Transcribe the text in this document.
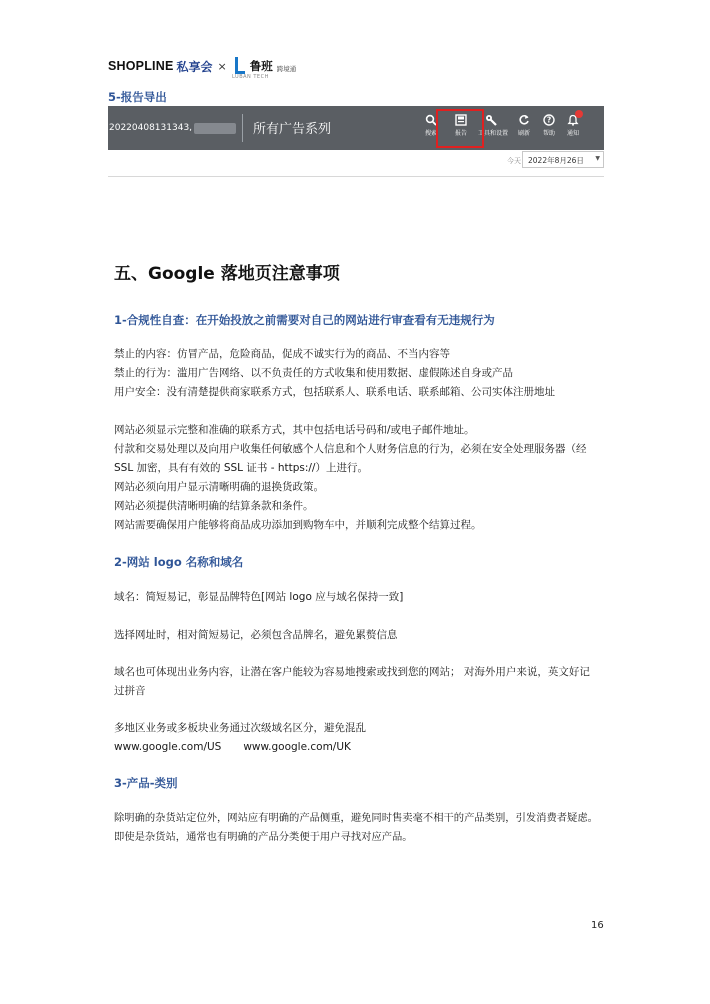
SHOPLINE 私享会 × 鲁班 跨境通
LUBAN TECH
5-报告导出
20220408131343,	所有广告系列	搜索	报告	工具和设置	刷新
?
帮助	通知
今天 2022年8月26日 ▼
五、Google 落地页注意事项
1-合规性自查：在开始投放之前需要对自己的网站进行审查看有无违规行为
禁止的内容：仿冒产品，危险商品，促成不诚实行为的商品、不当内容等
禁止的行为：滥用广告网络、以不负责任的方式收集和使用数据、虚假陈述自身或产品
用户安全：没有清楚提供商家联系方式，包括联系人、联系电话、联系邮箱、公司实体注册地址
网站必须显示完整和准确的联系方式，其中包括电话号码和/或电子邮件地址。
付款和交易处理以及向用户收集任何敏感个人信息和个人财务信息的行为，必须在安全处理服务器（经
SSL 加密，具有有效的 SSL 证书 - https://）上进行。
网站必须向用户显示清晰明确的退换货政策。
网站必须提供清晰明确的结算条款和条件。
网站需要确保用户能够将商品成功添加到购物车中，并顺利完成整个结算过程。
2-网站 logo 名称和域名
域名：简短易记，彰显品牌特色[网站 logo 应与域名保持一致]
选择网址时，相对简短易记，必须包含品牌名，避免累赘信息
域名也可体现出业务内容，让潜在客户能较为容易地搜索或找到您的网站； 对海外用户来说，英文好记
过拼音
多地区业务或多板块业务通过次级域名区分，避免混乱
www.google.com/US www.google.com/UK
3-产品-类别
除明确的杂货站定位外，网站应有明确的产品侧重，避免同时售卖毫不相干的产品类别，引发消费者疑虑。
即使是杂货站，通常也有明确的产品分类便于用户寻找对应产品。
16
